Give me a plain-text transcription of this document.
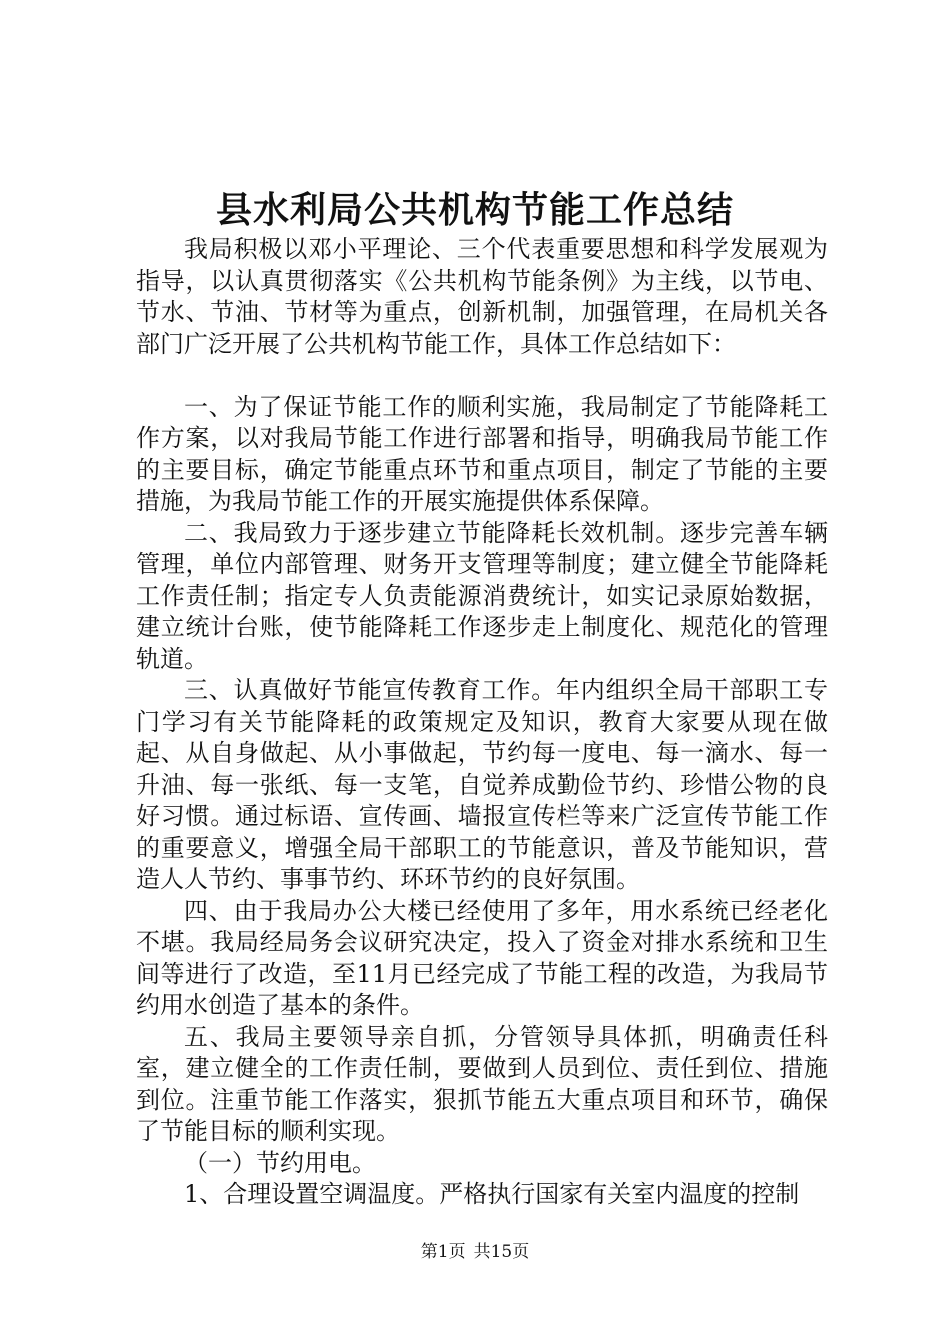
县水利局公共机构节能工作总结

我局积极以邓小平理论、三个代表重要思想和科学发展观为指导，以认真贯彻落实《公共机构节能条例》为主线，以节电、节水、节油、节材等为重点，创新机制，加强管理，在局机关各部门广泛开展了公共机构节能工作，具体工作总结如下：

一、为了保证节能工作的顺利实施，我局制定了节能降耗工作方案，以对我局节能工作进行部署和指导，明确我局节能工作的主要目标，确定节能重点环节和重点项目，制定了节能的主要措施，为我局节能工作的开展实施提供体系保障。

二、我局致力于逐步建立节能降耗长效机制。逐步完善车辆管理，单位内部管理、财务开支管理等制度；建立健全节能降耗工作责任制；指定专人负责能源消费统计，如实记录原始数据，建立统计台账，使节能降耗工作逐步走上制度化、规范化的管理轨道。

三、认真做好节能宣传教育工作。年内组织全局干部职工专门学习有关节能降耗的政策规定及知识，教育大家要从现在做起、从自身做起、从小事做起，节约每一度电、每一滴水、每一升油、每一张纸、每一支笔，自觉养成勤俭节约、珍惜公物的良好习惯。通过标语、宣传画、墙报宣传栏等来广泛宣传节能工作的重要意义，增强全局干部职工的节能意识，普及节能知识，营造人人节约、事事节约、环环节约的良好氛围。

四、由于我局办公大楼已经使用了多年，用水系统已经老化不堪。我局经局务会议研究决定，投入了资金对排水系统和卫生间等进行了改造，至11月已经完成了节能工程的改造，为我局节约用水创造了基本的条件。

五、我局主要领导亲自抓，分管领导具体抓，明确责任科室，建立健全的工作责任制，要做到人员到位、责任到位、措施到位。注重节能工作落实，狠抓节能五大重点项目和环节，确保了节能目标的顺利实现。

（一）节约用电。

1、合理设置空调温度。严格执行国家有关室内温度的控制

第1页 共15页
